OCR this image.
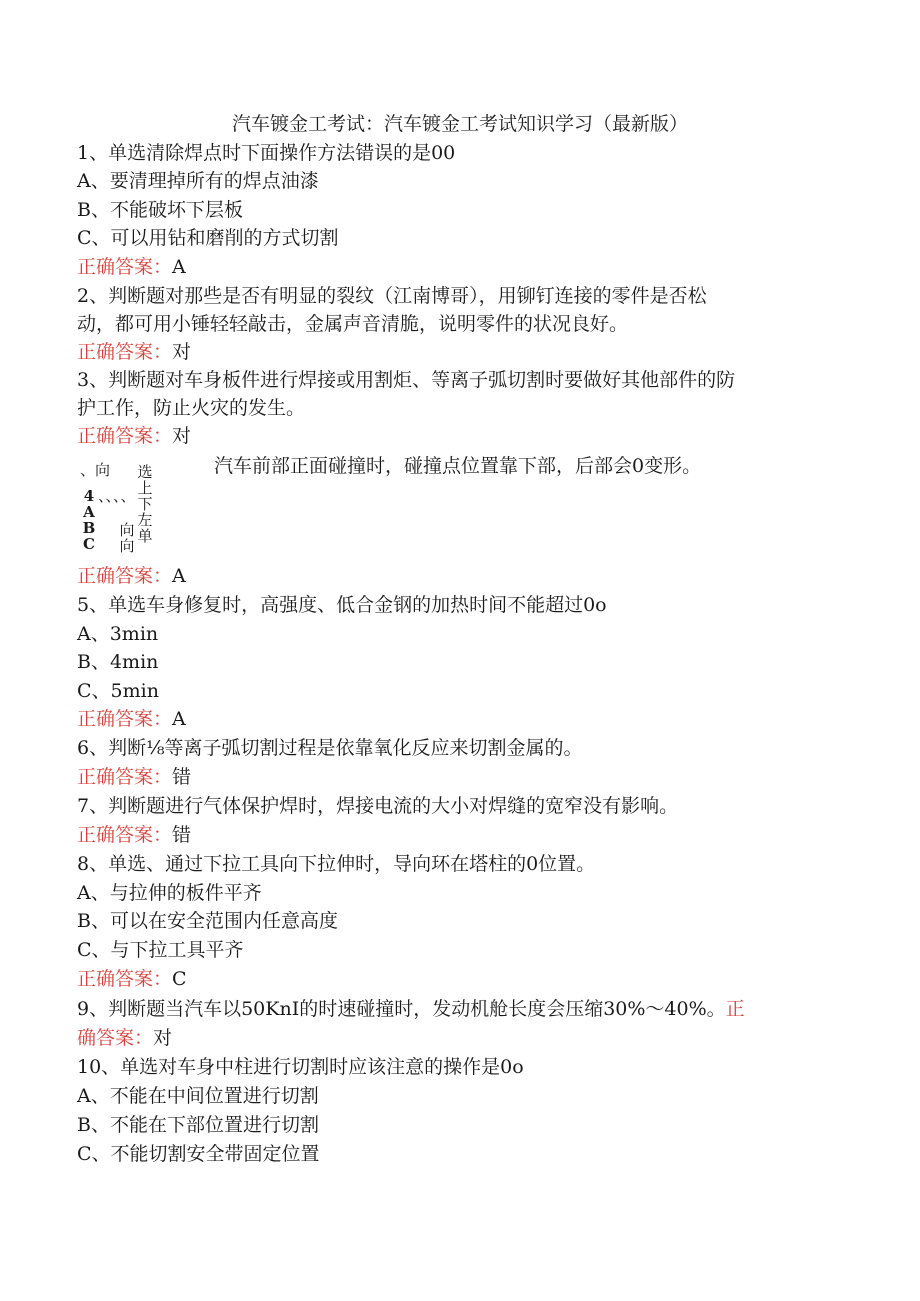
汽车镀金工考试：汽车镀金工考试知识学习（最新版）
1、单选清除焊点时下面操作方法错误的是00
A、要清理掉所有的焊点油漆
B、不能破坏下层板
C、可以用钻和磨削的方式切割
正确答案：A
2、判断题对那些是否有明显的裂纹（江南博哥），用铆钉连接的零件是否松
动，都可用小锤轻轻敲击，金属声音清脆，说明零件的状况良好。
正确答案：对
3、判断题对车身板件进行焊接或用割炬、等离子弧切割时要做好其他部件的防
护工作，防止火灾的发生。
正确答案：对
汽车前部正面碰撞时，碰撞点位置靠下部，后部会0变形。
、向
4ABC
、、、、
向向
选上下左单
正确答案：A
5、单选车身修复时，高强度、低合金钢的加热时间不能超过0o
A、3min
B、4min
C、5min
正确答案：A
6、判断⅛等离子弧切割过程是依靠氧化反应来切割金属的。
正确答案：错
7、判断题进行气体保护焊时，焊接电流的大小对焊缝的宽窄没有影响。
正确答案：错
8、单选、通过下拉工具向下拉伸时，导向环在塔柱的0位置。
A、与拉伸的板件平齐
B、可以在安全范围内任意高度
C、与下拉工具平齐
正确答案：C
9、判断题当汽车以50KnI的时速碰撞时，发动机舱长度会压缩30%～40%。正
确答案：对
10、单选对车身中柱进行切割时应该注意的操作是0o
A、不能在中间位置进行切割
B、不能在下部位置进行切割
C、不能切割安全带固定位置
